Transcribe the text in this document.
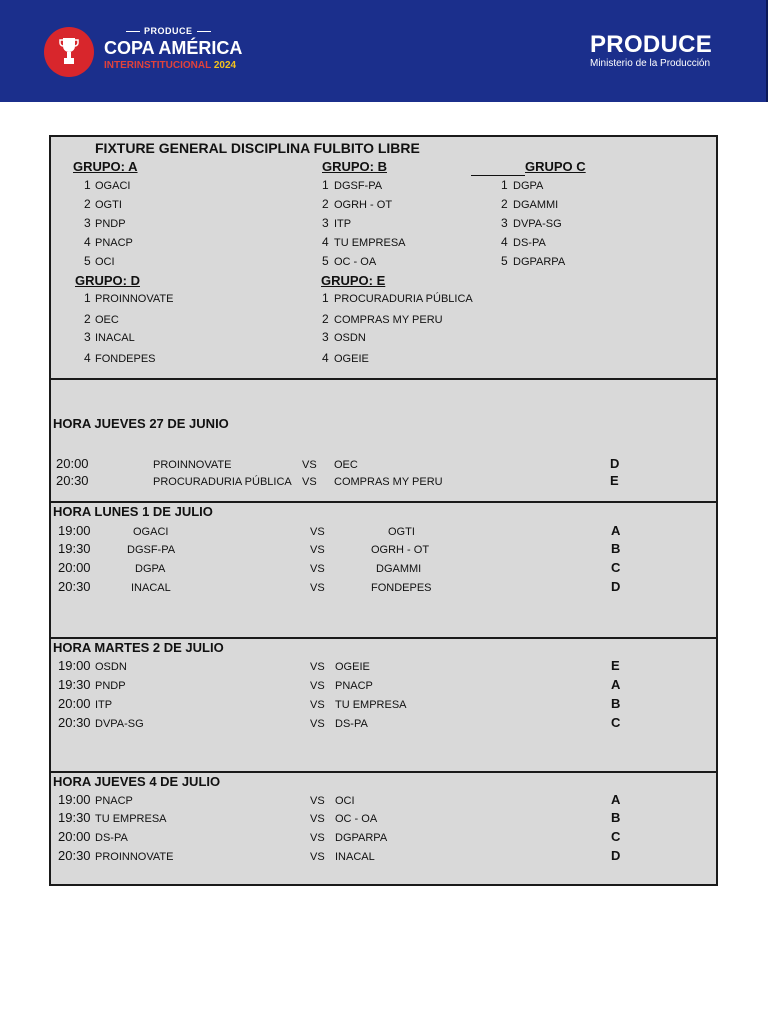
PRODUCE
COPA AMÉRICA
INTERINSTITUCIONAL 2024
PRODUCE
Ministerio de la Producción
FIXTURE GENERAL DISCIPLINA FULBITO LIBRE
GRUPO: A
1 OGACI
2 OGTI
3 PNDP
4 PNACP
5 OCI
GRUPO: B
1 DGSF-PA
2 OGRH - OT
3 ITP
4 TU EMPRESA
5 OC - OA
GRUPO C
1 DGPA
2 DGAMMI
3 DVPA-SG
4 DS-PA
5 DGPARPA
GRUPO: D
1 PROINNOVATE
2 OEC
3 INACAL
4 FONDEPES
GRUPO: E
1 PROCURADURIA PÚBLICA
2 COMPRAS MY PERU
3 OSDN
4 OGEIE
HORA JUEVES 27 DE JUNIO
20:00	PROINNOVATE	VS OEC	D
20:30	PROCURADURIA PÚBLICA VS COMPRAS MY PERU	E
HORA LUNES 1 DE JULIO
19:00	OGACI	VS	OGTI	A
19:30	DGSF-PA	VS	OGRH - OT	B
20:00	DGPA	VS	DGAMMI	C
20:30	INACAL	VS	FONDEPES	D
HORA MARTES 2 DE JULIO
19:00 OSDN	VS OGEIE	E
19:30 PNDP	VS PNACP	A
20:00 ITP	VS TU EMPRESA	B
20:30 DVPA-SG	VS DS-PA	C
HORA JUEVES 4 DE JULIO
19:00 PNACP	VS OCI	A
19:30 TU EMPRESA	VS OC - OA	B
20:00 DS-PA	VS DGPARPA	C
20:30 PROINNOVATE	VS INACAL	D
